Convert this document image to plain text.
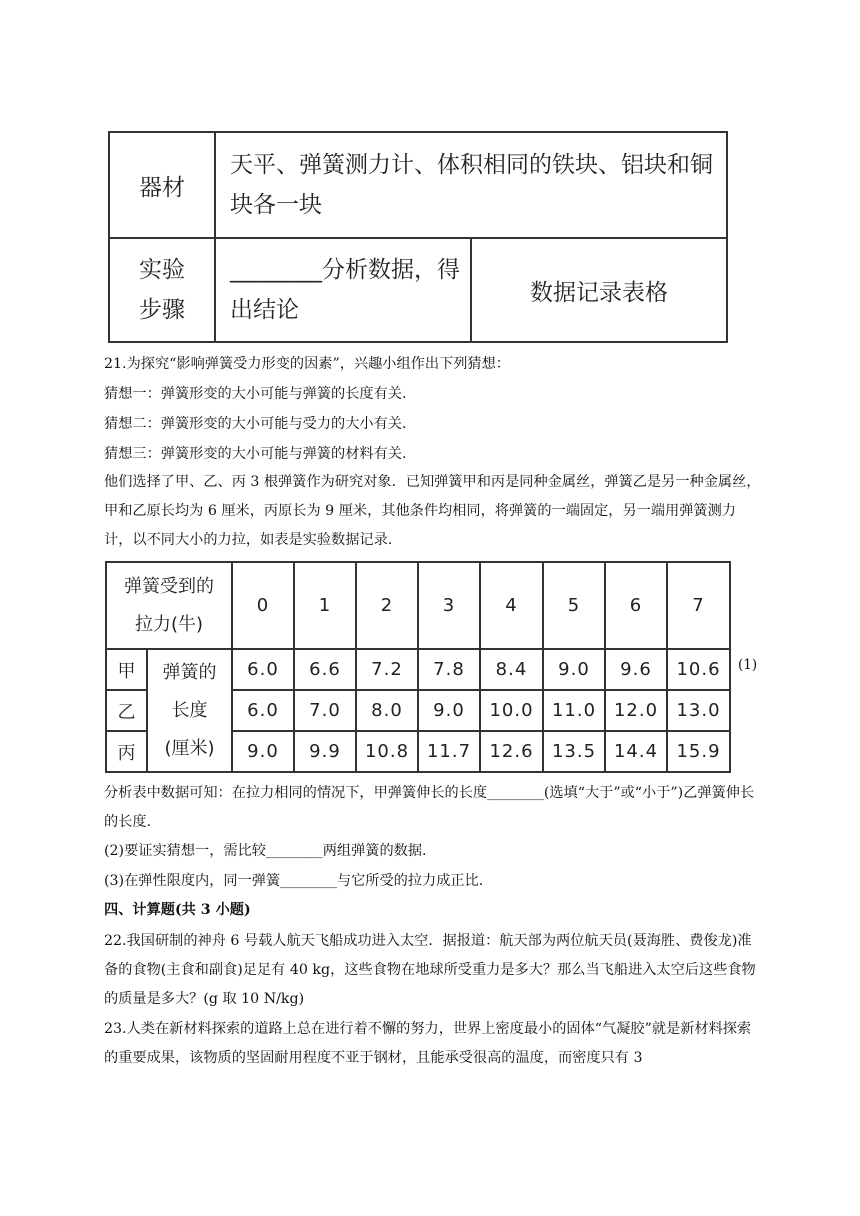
器材	天平、弹簧测力计、体积相同的铁块、铝块和铜块各一块	

实验
步骤	________分析数据，得出结论	数据记录表格

21.为探究“影响弹簧受力形变的因素”，兴趣小组作出下列猜想：

猜想一：弹簧形变的大小可能与弹簧的长度有关.

猜想二：弹簧形变的大小可能与受力的大小有关.

猜想三：弹簧形变的大小可能与弹簧的材料有关.

他们选择了甲、乙、丙 3 根弹簧作为研究对象．已知弹簧甲和丙是同种金属丝，弹簧乙是另一种金属丝，甲和乙原长均为 6 厘米，丙原长为 9 厘米，其他条件均相同，将弹簧的一端固定，另一端用弹簧测力计，以不同大小的力拉，如表是实验数据记录.

弹簧受到的
拉力(牛)		0	1	2	3	4	5	6	7
甲	弹簧的
长度
(厘米)	6.0	6.6	7.2	7.8	8.4	9.0	9.6	10.6
乙		6.0	7.0	8.0	9.0	10.0	11.0	12.0	13.0
丙		9.0	9.9	10.8	11.7	12.6	13.5	14.4	15.9
(1)

分析表中数据可知：在拉力相同的情况下，甲弹簧伸长的长度________(选填“大于”或“小于”)乙弹簧伸长的长度.

(2)要证实猜想一，需比较________两组弹簧的数据.

(3)在弹性限度内，同一弹簧________与它所受的拉力成正比.

四、计算题(共 3 小题)

22.我国研制的神舟 6 号载人航天飞船成功进入太空．据报道：航天部为两位航天员(聂海胜、费俊龙)准备的食物(主食和副食)足足有 40 kg，这些食物在地球所受重力是多大？那么当飞船进入太空后这些食物的质量是多大？(g 取 10 N/kg)

23.人类在新材料探索的道路上总在进行着不懈的努力，世界上密度最小的固体“气凝胶”就是新材料探索的重要成果，该物质的坚固耐用程度不亚于钢材，且能承受很高的温度，而密度只有 3
